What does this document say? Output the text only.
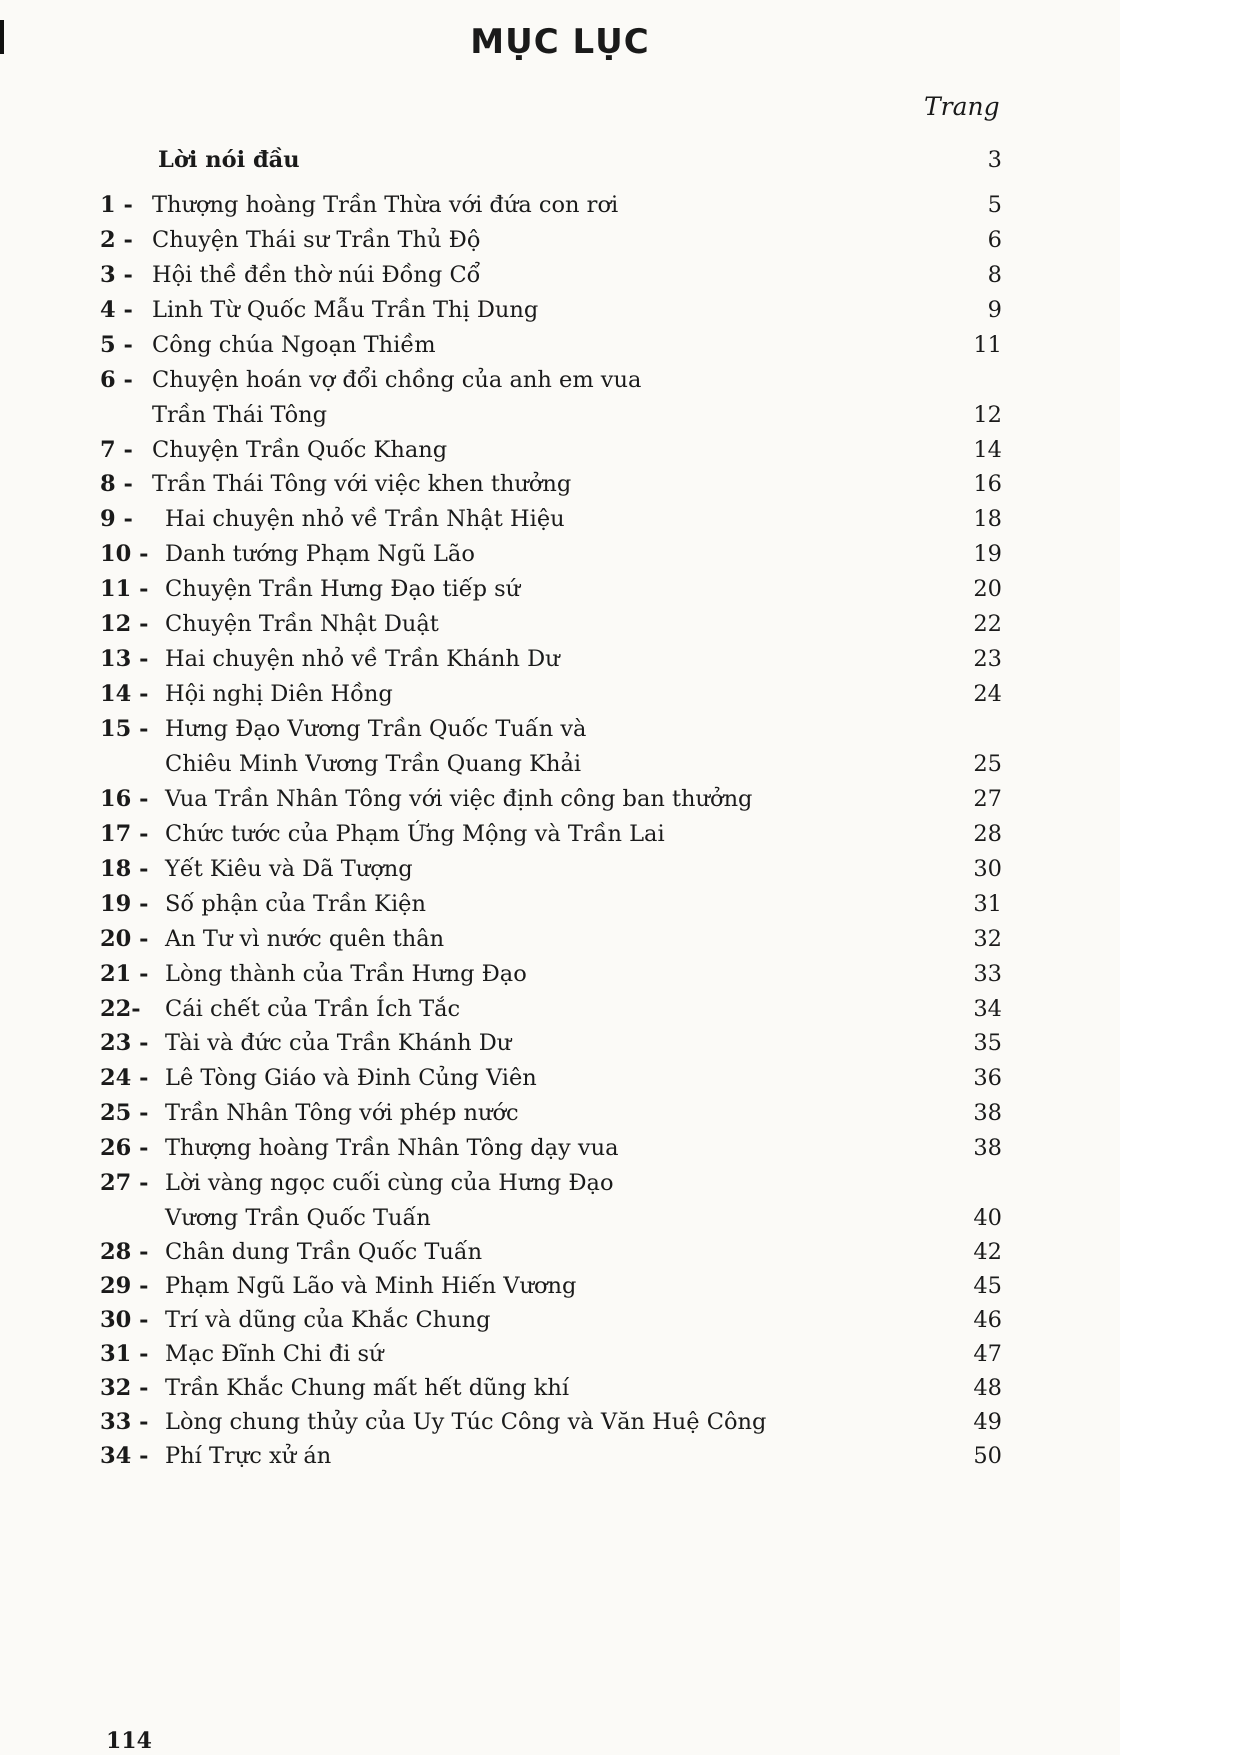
MỤC LỤC
Trang
Lời nói đầu	3
1 - Thượng hoàng Trần Thừa với đứa con rơi	5
2 - Chuyện Thái sư Trần Thủ Độ	6
3 - Hội thề đền thờ núi Đồng Cổ	8
4 - Linh Từ Quốc Mẫu Trần Thị Dung	9
5 - Công chúa Ngoạn Thiềm	11
6 - Chuyện hoán vợ đổi chồng của anh em vua
Trần Thái Tông	12
7 - Chuyện Trần Quốc Khang	14
8 - Trần Thái Tông với việc khen thưởng	16
9 -	Hai chuyện nhỏ về Trần Nhật Hiệu	18
10 - Danh tướng Phạm Ngũ Lão	19
11 - Chuyện Trần Hưng Đạo tiếp sứ	20
12 - Chuyện Trần Nhật Duật	22
13 - Hai chuyện nhỏ về Trần Khánh Dư	23
14 - Hội nghị Diên Hồng	24
15 - Hưng Đạo Vương Trần Quốc Tuấn và
Chiêu Minh Vương Trần Quang Khải	25
16 - Vua Trần Nhân Tông với việc định công ban thưởng	27
17 - Chức tước của Phạm Ứng Mộng và Trần Lai	28
18 - Yết Kiêu và Dã Tượng	30
19 - Số phận của Trần Kiện	31
20 - An Tư vì nước quên thân	32
21 - Lòng thành của Trần Hưng Đạo	33
22-	Cái chết của Trần Ích Tắc	34
23 - Tài và đức của Trần Khánh Dư	35
24 - Lê Tòng Giáo và Đinh Củng Viên	36
25 - Trần Nhân Tông với phép nước	38
26 - Thượng hoàng Trần Nhân Tông dạy vua	38
27 - Lời vàng ngọc cuối cùng của Hưng Đạo
Vương Trần Quốc Tuấn	40
28 - Chân dung Trần Quốc Tuấn	42
29 - Phạm Ngũ Lão và Minh Hiến Vương	45
30 - Trí và dũng của Khắc Chung	46
31 - Mạc Đĩnh Chi đi sứ	47
32 - Trần Khắc Chung mất hết dũng khí	48
33 - Lòng chung thủy của Uy Túc Công và Văn Huệ Công	49
34 - Phí Trực xử án	50
114
